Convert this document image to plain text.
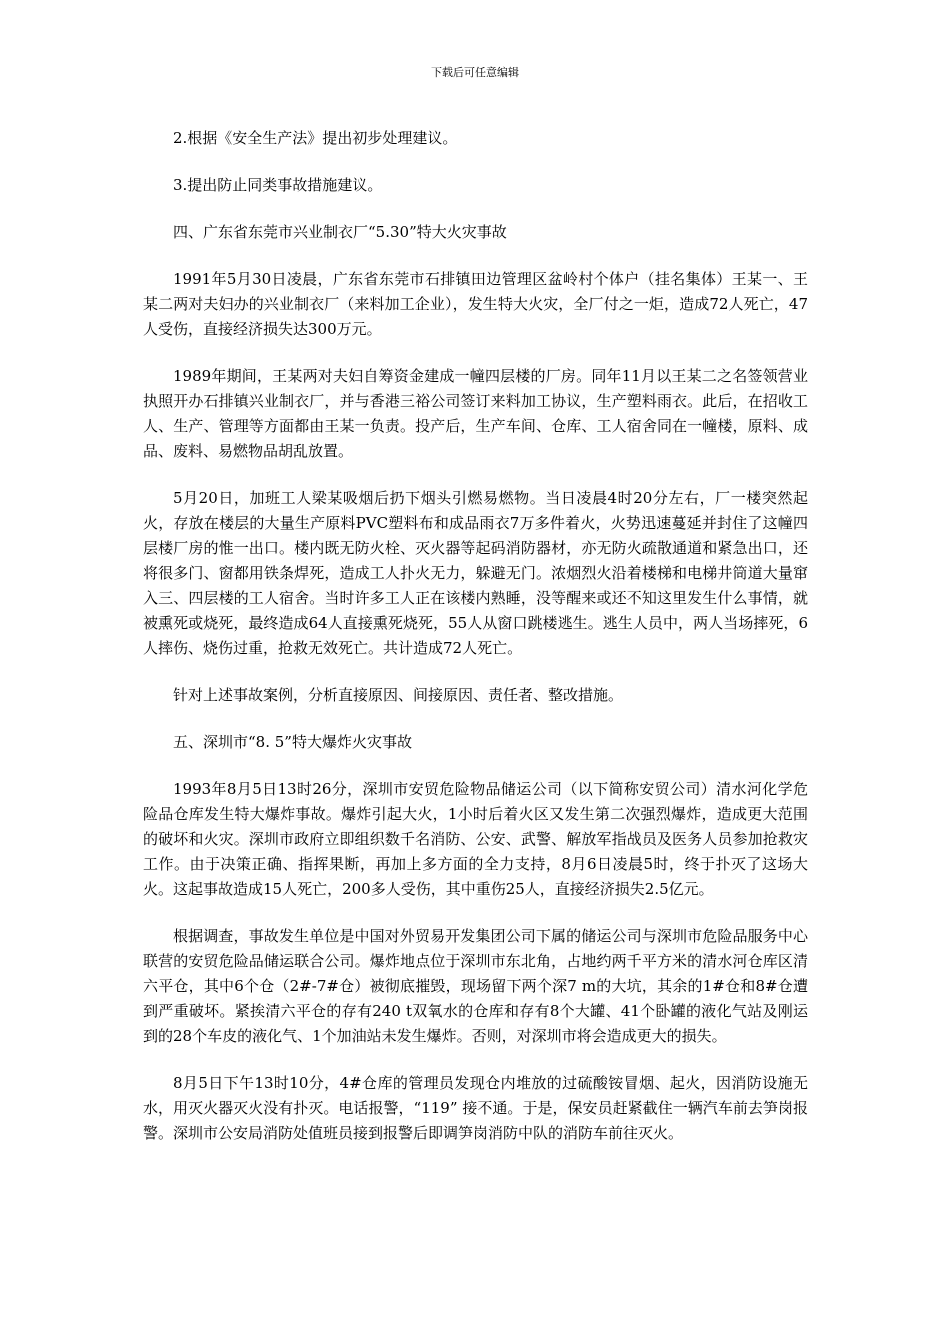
下载后可任意编辑

2.根据《安全生产法》提出初步处理建议。

3.提出防止同类事故措施建议。

四、广东省东莞市兴业制衣厂“5.30”特大火灾事故

1991年5月30日凌晨，广东省东莞市石排镇田边管理区盆岭村个体户（挂名集体）王某一、王某二两对夫妇办的兴业制衣厂（来料加工企业），发生特大火灾，全厂付之一炬，造成72人死亡，47人受伤，直接经济损失达300万元。

1989年期间，王某两对夫妇自筹资金建成一幢四层楼的厂房。同年11月以王某二之名签领营业执照开办石排镇兴业制衣厂，并与香港三裕公司签订来料加工协议，生产塑料雨衣。此后，在招收工人、生产、管理等方面都由王某一负责。投产后，生产车间、仓库、工人宿舍同在一幢楼，原料、成品、废料、易燃物品胡乱放置。

5月20日，加班工人梁某吸烟后扔下烟头引燃易燃物。当日凌晨4时20分左右，厂一楼突然起火，存放在楼层的大量生产原料PVC塑料布和成品雨衣7万多件着火，火势迅速蔓延并封住了这幢四层楼厂房的惟一出口。楼内既无防火栓、灭火器等起码消防器材，亦无防火疏散通道和紧急出口，还将很多门、窗都用铁条焊死，造成工人扑火无力，躲避无门。浓烟烈火沿着楼梯和电梯井筒道大量窜入三、四层楼的工人宿舍。当时许多工人正在该楼内熟睡，没等醒来或还不知这里发生什么事情，就被熏死或烧死，最终造成64人直接熏死烧死，55人从窗口跳楼逃生。逃生人员中，两人当场摔死，6人摔伤、烧伤过重，抢救无效死亡。共计造成72人死亡。

针对上述事故案例，分析直接原因、间接原因、责任者、整改措施。

五、深圳市“8. 5”特大爆炸火灾事故

1993年8月5日13时26分，深圳市安贸危险物品储运公司（以下简称安贸公司）清水河化学危险品仓库发生特大爆炸事故。爆炸引起大火，1小时后着火区又发生第二次强烈爆炸，造成更大范围的破坏和火灾。深圳市政府立即组织数千名消防、公安、武警、解放军指战员及医务人员参加抢救灾工作。由于决策正确、指挥果断，再加上多方面的全力支持，8月6日凌晨5时，终于扑灭了这场大火。这起事故造成15人死亡，200多人受伤，其中重伤25人，直接经济损失2.5亿元。

根据调查，事故发生单位是中国对外贸易开发集团公司下属的储运公司与深圳市危险品服务中心联营的安贸危险品储运联合公司。爆炸地点位于深圳市东北角，占地约两千平方米的清水河仓库区清六平仓，其中6个仓（2#-7#仓）被彻底摧毁，现场留下两个深7 m的大坑，其余的1#仓和8#仓遭到严重破坏。紧挨清六平仓的存有240 t双氧水的仓库和存有8个大罐、41个卧罐的液化气站及刚运到的28个车皮的液化气、1个加油站未发生爆炸。否则，对深圳市将会造成更大的损失。

8月5日下午13时10分，4#仓库的管理员发现仓内堆放的过硫酸铵冒烟、起火，因消防设施无水，用灭火器灭火没有扑灭。电话报警，“119” 接不通。于是，保安员赶紧截住一辆汽车前去笋岗报警。深圳市公安局消防处值班员接到报警后即调笋岗消防中队的消防车前往灭火。
